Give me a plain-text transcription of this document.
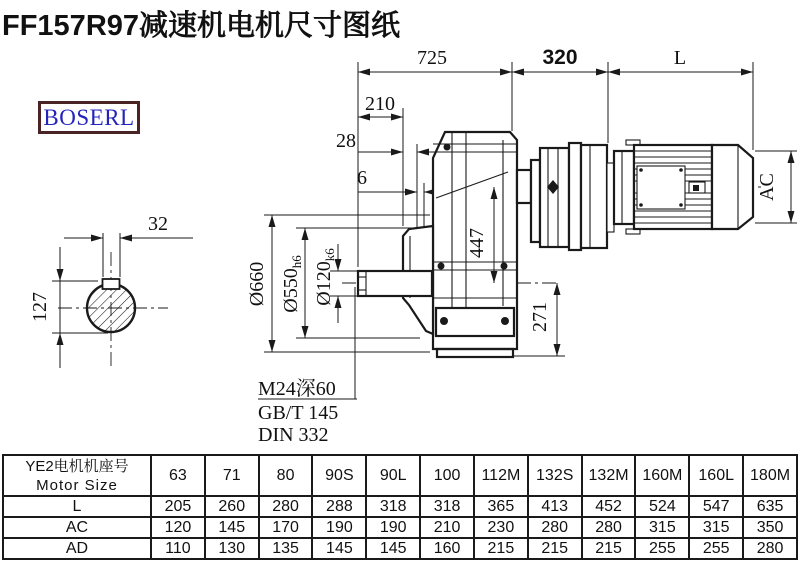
32
127
725	320	L
210
28
6
Ø660 $Ø550_{h6}$ $Ø120_{k6}$	447
271
M24深60
GB/T 145
DIN 332
AC
FF157R97减速机电机尺寸图纸
BOSERL
YE2电机机座号
Motor Size	63	71	80	90S	90L	100	112M	132S	132M	160M	160L	180M
L	205	260	280	288	318	318	365	413	452	524	547	635
AC	120	145	170	190	190	210	230	280	280	315	315	350
AD	110	130	135	145	145	160	215	215	215	255	255	280
